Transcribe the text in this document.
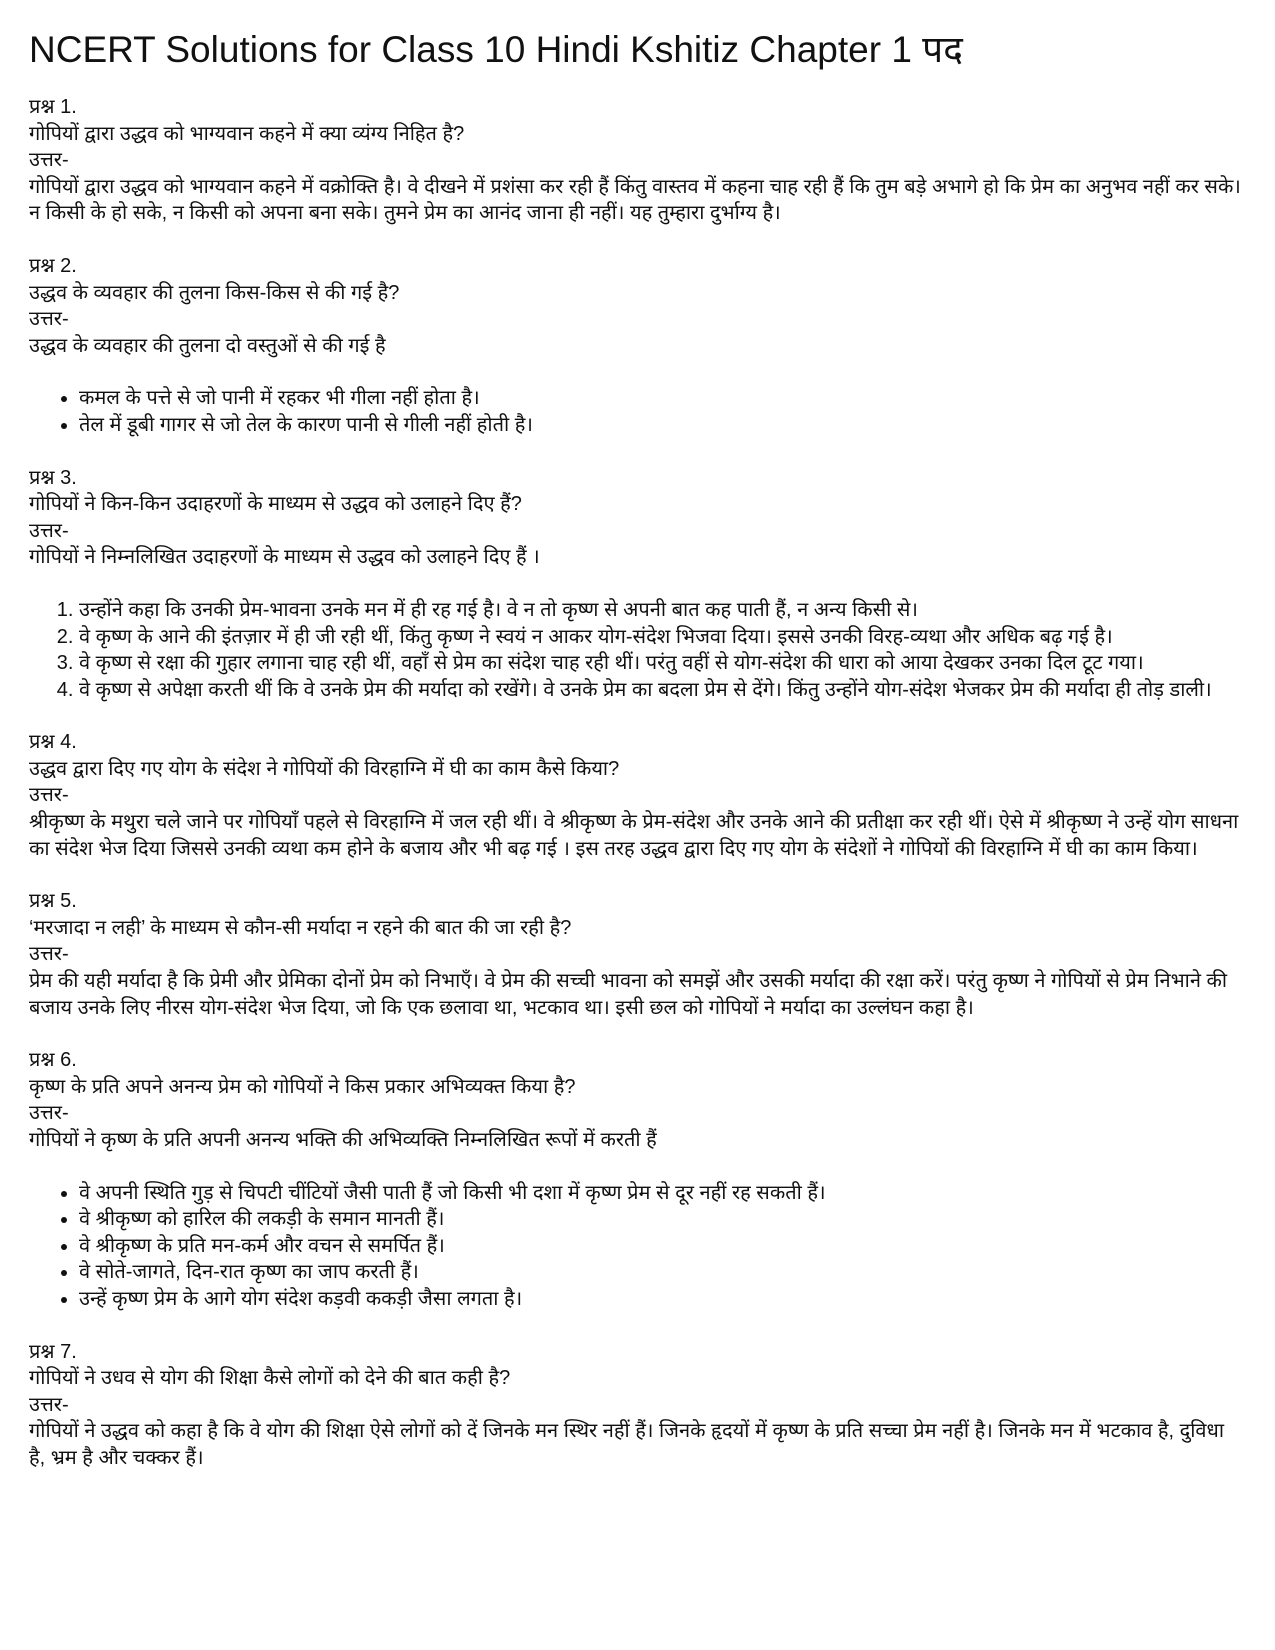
NCERT Solutions for Class 10 Hindi Kshitiz Chapter 1 पद

प्रश्न 1.

गोपियों द्वारा उद्धव को भाग्यवान कहने में क्या व्यंग्य निहित है?

उत्तर-

गोपियों द्वारा उद्धव को भाग्यवान कहने में वक्रोक्ति है। वे दीखने में प्रशंसा कर रही हैं किंतु वास्तव में कहना चाह रही हैं कि तुम बड़े अभागे हो कि प्रेम का अनुभव नहीं कर सके। न किसी के हो सके, न किसी को अपना बना सके। तुमने प्रेम का आनंद जाना ही नहीं। यह तुम्हारा दुर्भाग्य है।

प्रश्न 2.

उद्धव के व्यवहार की तुलना किस-किस से की गई है?

उत्तर-

उद्धव के व्यवहार की तुलना दो वस्तुओं से की गई है

• कमल के पत्ते से जो पानी में रहकर भी गीला नहीं होता है।
• तेल में डूबी गागर से जो तेल के कारण पानी से गीली नहीं होती है।

प्रश्न 3.

गोपियों ने किन-किन उदाहरणों के माध्यम से उद्धव को उलाहने दिए हैं?

उत्तर-

गोपियों ने निम्नलिखित उदाहरणों के माध्यम से उद्धव को उलाहने दिए हैं ।

1. उन्होंने कहा कि उनकी प्रेम-भावना उनके मन में ही रह गई है। वे न तो कृष्ण से अपनी बात कह पाती हैं, न अन्य किसी से।
2. वे कृष्ण के आने की इंतज़ार में ही जी रही थीं, किंतु कृष्ण ने स्वयं न आकर योग-संदेश भिजवा दिया। इससे उनकी विरह-व्यथा और अधिक बढ़ गई है।
3. वे कृष्ण से रक्षा की गुहार लगाना चाह रही थीं, वहाँ से प्रेम का संदेश चाह रही थीं। परंतु वहीं से योग-संदेश की धारा को आया देखकर उनका दिल टूट गया।
4. वे कृष्ण से अपेक्षा करती थीं कि वे उनके प्रेम की मर्यादा को रखेंगे। वे उनके प्रेम का बदला प्रेम से देंगे। किंतु उन्होंने योग-संदेश भेजकर प्रेम की मर्यादा ही तोड़ डाली।

प्रश्न 4.

उद्धव द्वारा दिए गए योग के संदेश ने गोपियों की विरहाग्नि में घी का काम कैसे किया?

उत्तर-

श्रीकृष्ण के मथुरा चले जाने पर गोपियाँ पहले से विरहाग्नि में जल रही थीं। वे श्रीकृष्ण के प्रेम-संदेश और उनके आने की प्रतीक्षा कर रही थीं। ऐसे में श्रीकृष्ण ने उन्हें योग साधना का संदेश भेज दिया जिससे उनकी व्यथा कम होने के बजाय और भी बढ़ गई । इस तरह उद्धव द्वारा दिए गए योग के संदेशों ने गोपियों की विरहाग्नि में घी का काम किया।

प्रश्न 5.

‘मरजादा न लही’ के माध्यम से कौन-सी मर्यादा न रहने की बात की जा रही है?

उत्तर-

प्रेम की यही मर्यादा है कि प्रेमी और प्रेमिका दोनों प्रेम को निभाएँ। वे प्रेम की सच्ची भावना को समझें और उसकी मर्यादा की रक्षा करें। परंतु कृष्ण ने गोपियों से प्रेम निभाने की बजाय उनके लिए नीरस योग-संदेश भेज दिया, जो कि एक छलावा था, भटकाव था। इसी छल को गोपियों ने मर्यादा का उल्लंघन कहा है।

प्रश्न 6.

कृष्ण के प्रति अपने अनन्य प्रेम को गोपियों ने किस प्रकार अभिव्यक्त किया है?

उत्तर-

गोपियों ने कृष्ण के प्रति अपनी अनन्य भक्ति की अभिव्यक्ति निम्नलिखित रूपों में करती हैं

• वे अपनी स्थिति गुड़ से चिपटी चींटियों जैसी पाती हैं जो किसी भी दशा में कृष्ण प्रेम से दूर नहीं रह सकती हैं।
• वे श्रीकृष्ण को हारिल की लकड़ी के समान मानती हैं।
• वे श्रीकृष्ण के प्रति मन-कर्म और वचन से समर्पित हैं।
• वे सोते-जागते, दिन-रात कृष्ण का जाप करती हैं।
• उन्हें कृष्ण प्रेम के आगे योग संदेश कड़वी ककड़ी जैसा लगता है।

प्रश्न 7.

गोपियों ने उधव से योग की शिक्षा कैसे लोगों को देने की बात कही है?

उत्तर-

गोपियों ने उद्धव को कहा है कि वे योग की शिक्षा ऐसे लोगों को दें जिनके मन स्थिर नहीं हैं। जिनके हृदयों में कृष्ण के प्रति सच्चा प्रेम नहीं है। जिनके मन में भटकाव है, दुविधा है, भ्रम है और चक्कर हैं।
